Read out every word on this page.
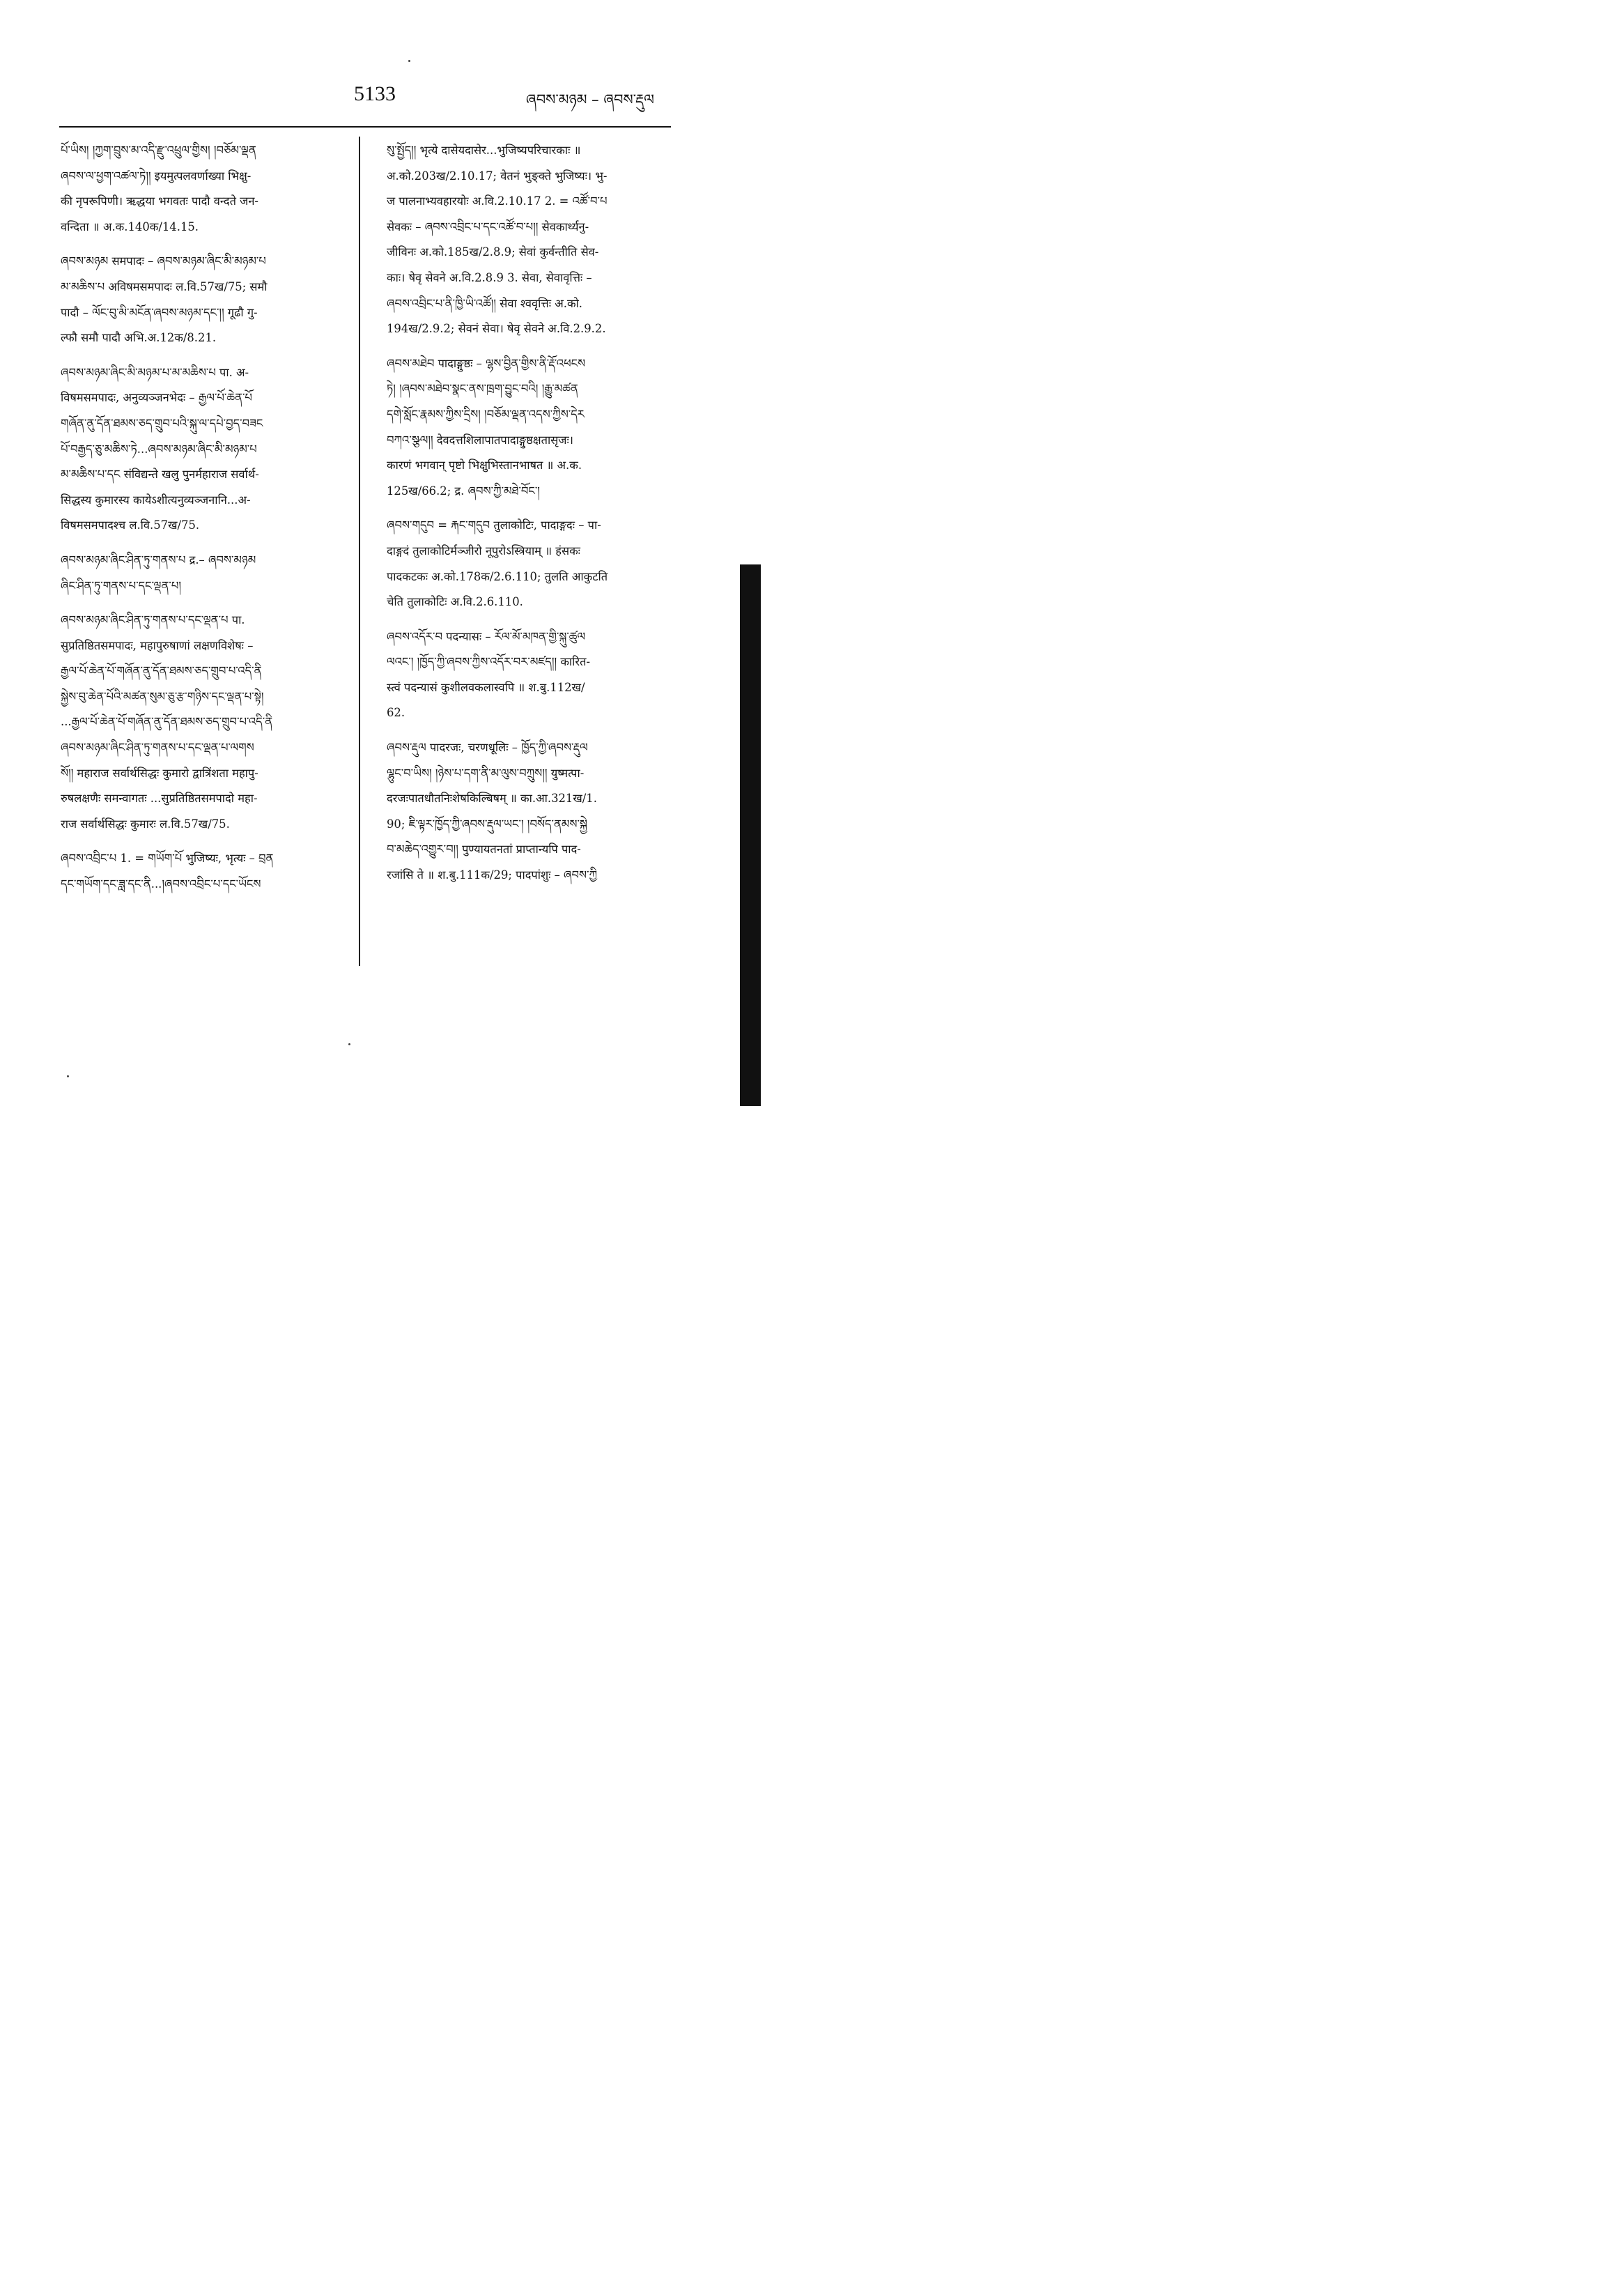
5133	ཞབས་མཉམ – ཞབས་རྡུལ
པོ་ཡིས། །ཀྱག་བྲུས་མ་འདི་རྫུ་འཕྲུལ་གྱིས། །བཅོམ་ལྡན
ཞབས་ལ་ཕྱག་འཚལ་ཏེ།། इयमुत्पलवर्णाख्या भिक्षु-
की नृपरूपिणी। ऋद्धया भगवतः पादौ वन्दते जन-
वन्दिता ॥ अ.क.140क/14.15.
ཞབས་མཉམ समपादः – ཞབས་མཉམ་ཞིང་མི་མཉམ་པ
མ་མཆིས་པ अविषमसमपादः ल.वि.57ख/75; समौ
पादौ – ལོང་བུ་མི་མངོན་ཞབས་མཉམ་དང་།། गूढौ गु-
ल्फौ समौ पादौ अभि.अ.12क/8.21.
ཞབས་མཉམ་ཞིང་མི་མཉམ་པ་མ་མཆིས་པ पा. अ-
विषमसमपादः, अनुव्यञ्जनभेदः – རྒྱལ་པོ་ཆེན་པོ
གཞོན་ནུ་དོན་ཐམས་ཅད་གྲུབ་པའི་སྐུ་ལ་དཔེ་བྱད་བཟང
པོ་བརྒྱད་ཅུ་མཆིས་ཏེ...ཞབས་མཉམ་ཞིང་མི་མཉམ་པ
མ་མཆིས་པ་དང संविद्यन्ते खलु पुनर्महाराज सर्वार्थ-
सिद्धस्य कुमारस्य कायेऽशीत्यनुव्यञ्जनानि...अ-
विषमसमपादश्च ल.वि.57ख/75.
ཞབས་མཉམ་ཞིང་ཤིན་ཏུ་གནས་པ द्र.– ཞབས་མཉམ
ཞིང་ཤིན་ཏུ་གནས་པ་དང་ལྡན་པ།
ཞབས་མཉམ་ཞིང་ཤིན་ཏུ་གནས་པ་དང་ལྡན་པ पा.
सुप्रतिष्ठितसमपादः, महापुरुषाणां लक्षणविशेषः –
རྒྱལ་པོ་ཆེན་པོ་གཞོན་ནུ་དོན་ཐམས་ཅད་གྲུབ་པ་འདི་ནི
སྐྱེས་བུ་ཆེན་པོའི་མཚན་སུམ་ཅུ་རྩ་གཉིས་དང་ལྡན་པ་སྟེ།
...རྒྱལ་པོ་ཆེན་པོ་གཞོན་ནུ་དོན་ཐམས་ཅད་གྲུབ་པ་འདི་ནི
ཞབས་མཉམ་ཞིང་ཤིན་ཏུ་གནས་པ་དང་ལྡན་པ་ལགས
སོ།། महाराज सर्वार्थसिद्धः कुमारो द्वात्रिंशता महापु-
रुषलक्षणैः समन्वागतः ...सुप्रतिष्ठितसमपादो महा-
राज सर्वार्थसिद्धः कुमारः ल.वि.57ख/75.
ཞབས་འབྲིང་པ 1. = གཡོག་པོ भुजिष्यः, भृत्यः – བྲན
དང་གཡོག་དང་ཟླ་དང་ནི...།ཞབས་འབྲིང་པ་དང་ཡོངས
སུ་སྤྱོད།། भृत्ये दासेयदासेर...भुजिष्यपरिचारकाः ॥
अ.को.203ख/2.10.17; वेतनं भुङ्क्ते भुजिष्यः। भु-
ज पालनाभ्यवहारयोः अ.वि.2.10.17 2. = འཚོ་བ་པ
सेवकः – ཞབས་འབྲིང་པ་དང་འཚོ་བ་པ།། सेवकार्थ्यनु-
जीविनः अ.को.185ख/2.8.9; सेवां कुर्वन्तीति सेव-
काः। षेवृ सेवने अ.वि.2.8.9 3. सेवा, सेवावृत्तिः –
ཞབས་འབྲིང་པ་ནི་ཁྱི་ཡི་འཚོ།། सेवा श्ववृत्तिः अ.को.
194ख/2.9.2; सेवनं सेवा। षेवृ सेवने अ.वि.2.9.2.
ཞབས་མཐེབ पादाङ्गुष्ठः – ལྷས་བྱིན་གྱིས་ནི་རྡོ་འཕངས
ཏེ། །ཞབས་མཐེབ་སྣང་ནས་ཁྲག་བྱུང་བའི། །རྒྱུ་མཚན
དགེ་སློང་རྣམས་ཀྱིས་དྲིས། །བཅོམ་ལྡན་འདས་ཀྱིས་དེར
བཀའ་སྩལ།། देवदत्तशिलापातपादाङ्गुष्ठक्षतासृजः।
कारणं भगवान् पृष्टो भिक्षुभिस्तानभाषत ॥ अ.क.
125ख/66.2; द्र. ཞབས་ཀྱི་མཐེ་བོང་།
ཞབས་གདུབ = རྐང་གདུབ तुलाकोटिः, पादाङ्गदः – पा-
दाङ्गदं तुलाकोटिर्मञ्जीरो नूपुरोऽस्त्रियाम् ॥ हंसकः
पादकटकः अ.को.178क/2.6.110; तुलति आकुटति
चेति तुलाकोटिः अ.वि.2.6.110.
ཞབས་འདོར་བ पदन्यासः – རོལ་མོ་མཁན་གྱི་སྐུ་ཚུལ
ལའང་། །ཁྱོད་ཀྱི་ཞབས་ཀྱིས་འདོར་བར་མཛད།། कारित-
स्त्वं पदन्यासं कुशीलवकलास्वपि ॥ श.बु.112ख/
62.
ཞབས་རྡུལ पादरजः, चरणधूलिः – ཁྱོད་ཀྱི་ཞབས་རྡུལ
ལྷུང་བ་ཡིས། །ཉེས་པ་དག་ནི་མ་ལུས་བཀྲུས།། युष्मत्पा-
दरजःपातधौतनिःशेषकिल्बिषम् ॥ का.आ.321ख/1.
90; ཇི་ལྟར་ཁྱོད་ཀྱི་ཞབས་རྡུལ་ཡང་། །བསོད་ནམས་སྐྱེ
བ་མཆེད་འགྱུར་བ།། पुण्यायतनतां प्राप्तान्यपि पाद-
रजांसि ते ॥ श.बु.111क/29; पादपांशुः – ཞབས་ཀྱི
